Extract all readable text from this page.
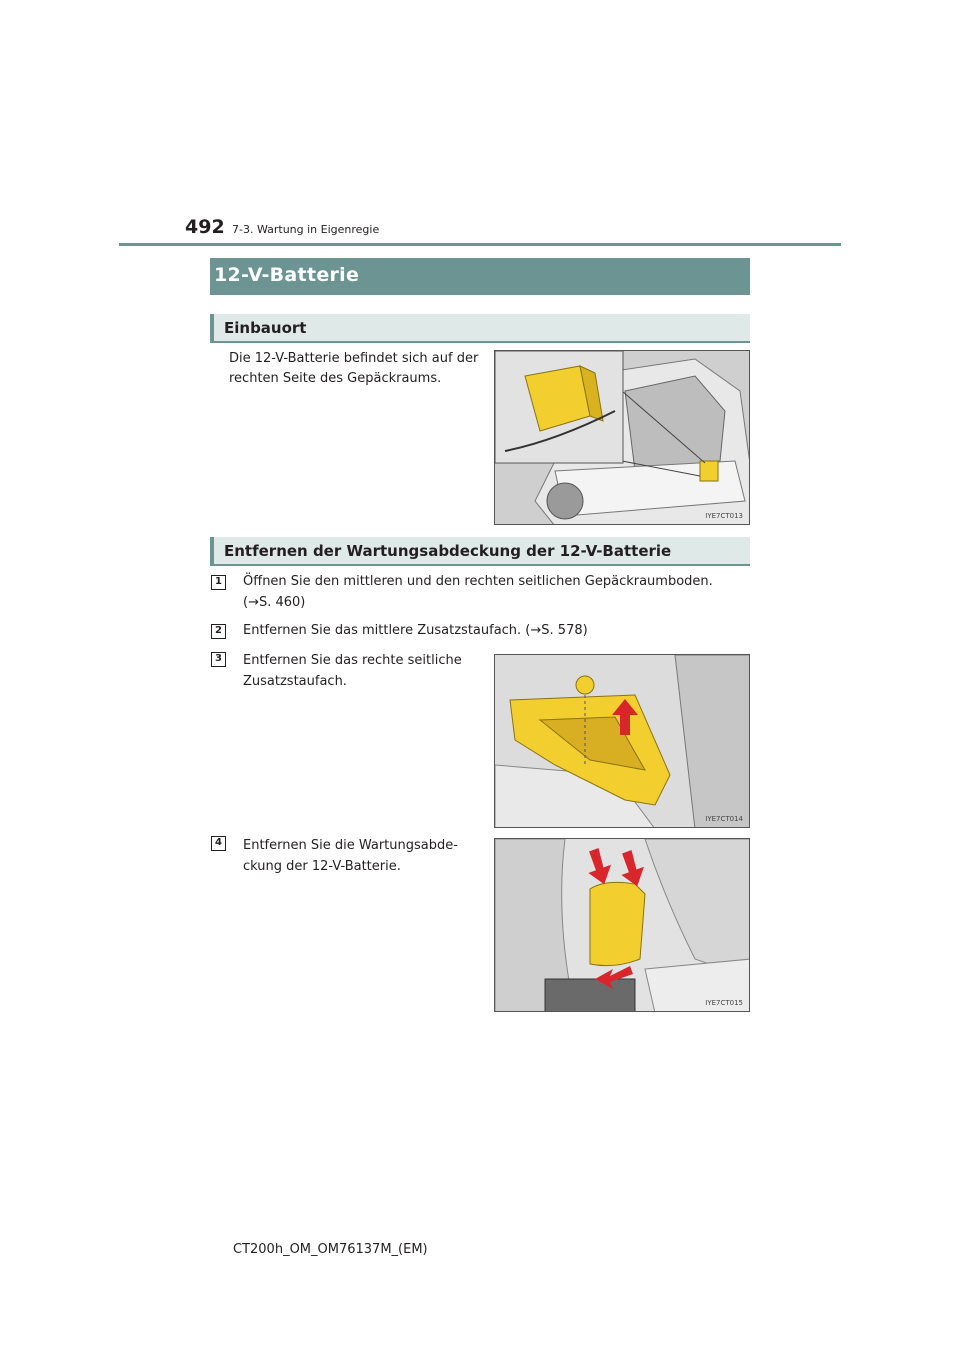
492 7-3. Wartung in Eigenregie
12-V-Batterie
Einbauort
Die 12-V-Batterie befindet sich auf der
rechten Seite des Gepäckraums.
IYE7CT013
Entfernen der Wartungsabdeckung der 12-V-Batterie
1	Öffnen Sie den mittleren und den rechten seitlichen Gepäckraumboden.
(→S. 460)
2	Entfernen Sie das mittlere Zusatzstaufach. (→S. 578)
3	Entfernen Sie das rechte seitliche
Zusatzstaufach.
IYE7CT014
4	Entfernen Sie die Wartungsabde-
ckung der 12-V-Batterie.
IYE7CT015
CT200h_OM_OM76137M_(EM)
